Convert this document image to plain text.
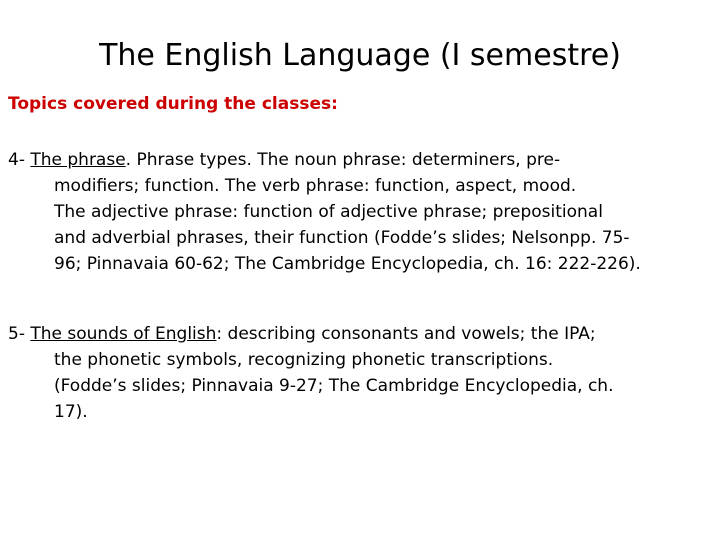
The English Language (I semestre)
Topics covered during the classes:
4- The phrase. Phrase types. The noun phrase: determiners, pre-
modifiers; function. The verb phrase: function, aspect, mood.
The adjective phrase: function of adjective phrase; prepositional
and adverbial phrases, their function (Fodde’s slides; Nelsonpp. 75-
96; Pinnavaia 60-62; The Cambridge Encyclopedia, ch. 16: 222-226).
5- The sounds of English: describing consonants and vowels; the IPA;
the phonetic symbols, recognizing phonetic transcriptions.
(Fodde’s slides; Pinnavaia 9-27; The Cambridge Encyclopedia, ch.
17).
